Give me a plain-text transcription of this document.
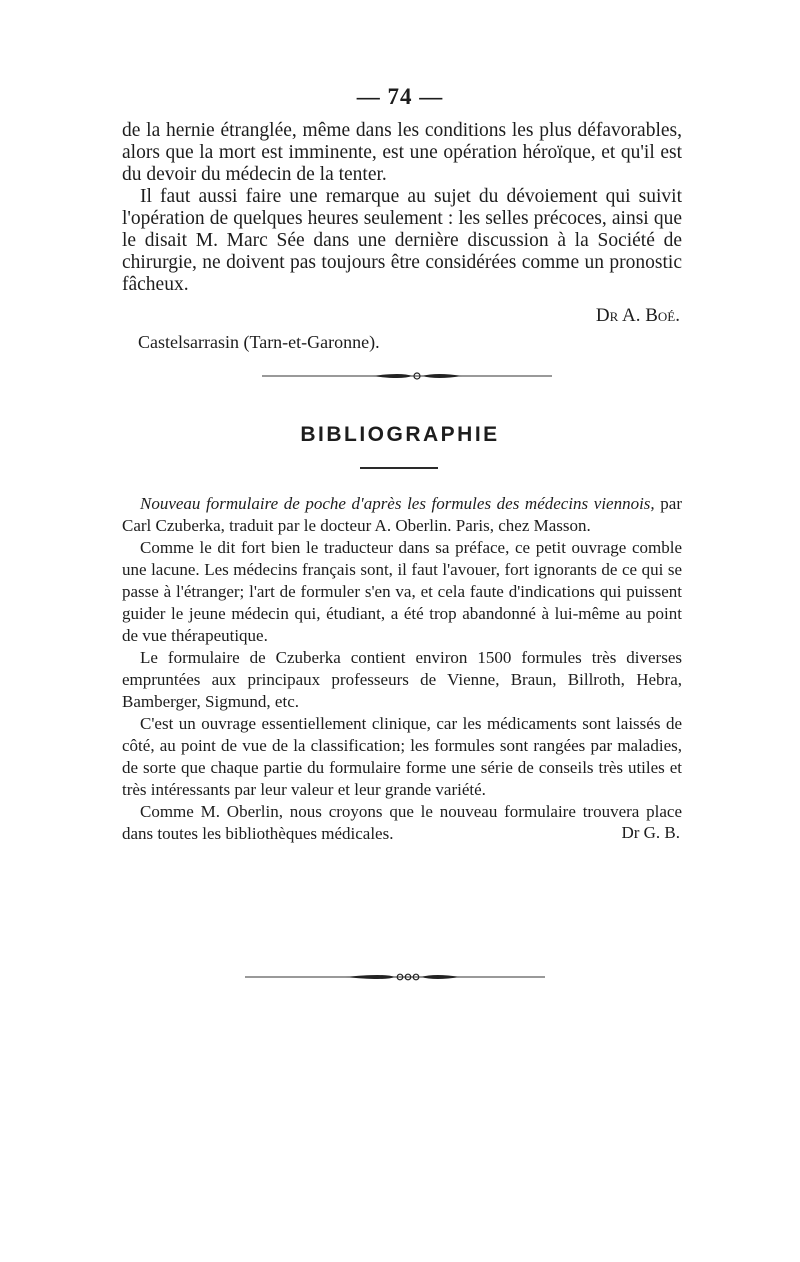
— 74 —

de la hernie étranglée, même dans les conditions les plus défavorables, alors que la mort est imminente, est une opération héroïque, et qu'il est du devoir du médecin de la tenter.

Il faut aussi faire une remarque au sujet du dévoiement qui suivit l'opération de quelques heures seulement : les selles précoces, ainsi que le disait M. Marc Sée dans une dernière discussion à la Société de chirurgie, ne doivent pas toujours être considérées comme un pronostic fâcheux.

Dr A. Boé.
Castelsarrasin (Tarn-et-Garonne).
BIBLIOGRAPHIE

Nouveau formulaire de poche d'après les formules des médecins viennois, par Carl Czuberka, traduit par le docteur A. Oberlin. Paris, chez Masson.

Comme le dit fort bien le traducteur dans sa préface, ce petit ouvrage comble une lacune. Les médecins français sont, il faut l'avouer, fort ignorants de ce qui se passe à l'étranger; l'art de formuler s'en va, et cela faute d'indications qui puissent guider le jeune médecin qui, étudiant, a été trop abandonné à lui-même au point de vue thérapeutique.

Le formulaire de Czuberka contient environ 1500 formules très diverses empruntées aux principaux professeurs de Vienne, Braun, Billroth, Hebra, Bamberger, Sigmund, etc.

C'est un ouvrage essentiellement clinique, car les médicaments sont laissés de côté, au point de vue de la classification; les formules sont rangées par maladies, de sorte que chaque partie du formulaire forme une série de conseils très utiles et très intéressants par leur valeur et leur grande variété.

Comme M. Oberlin, nous croyons que le nouveau formulaire trouvera place dans toutes les bibliothèques médicales.	Dr G. B.
